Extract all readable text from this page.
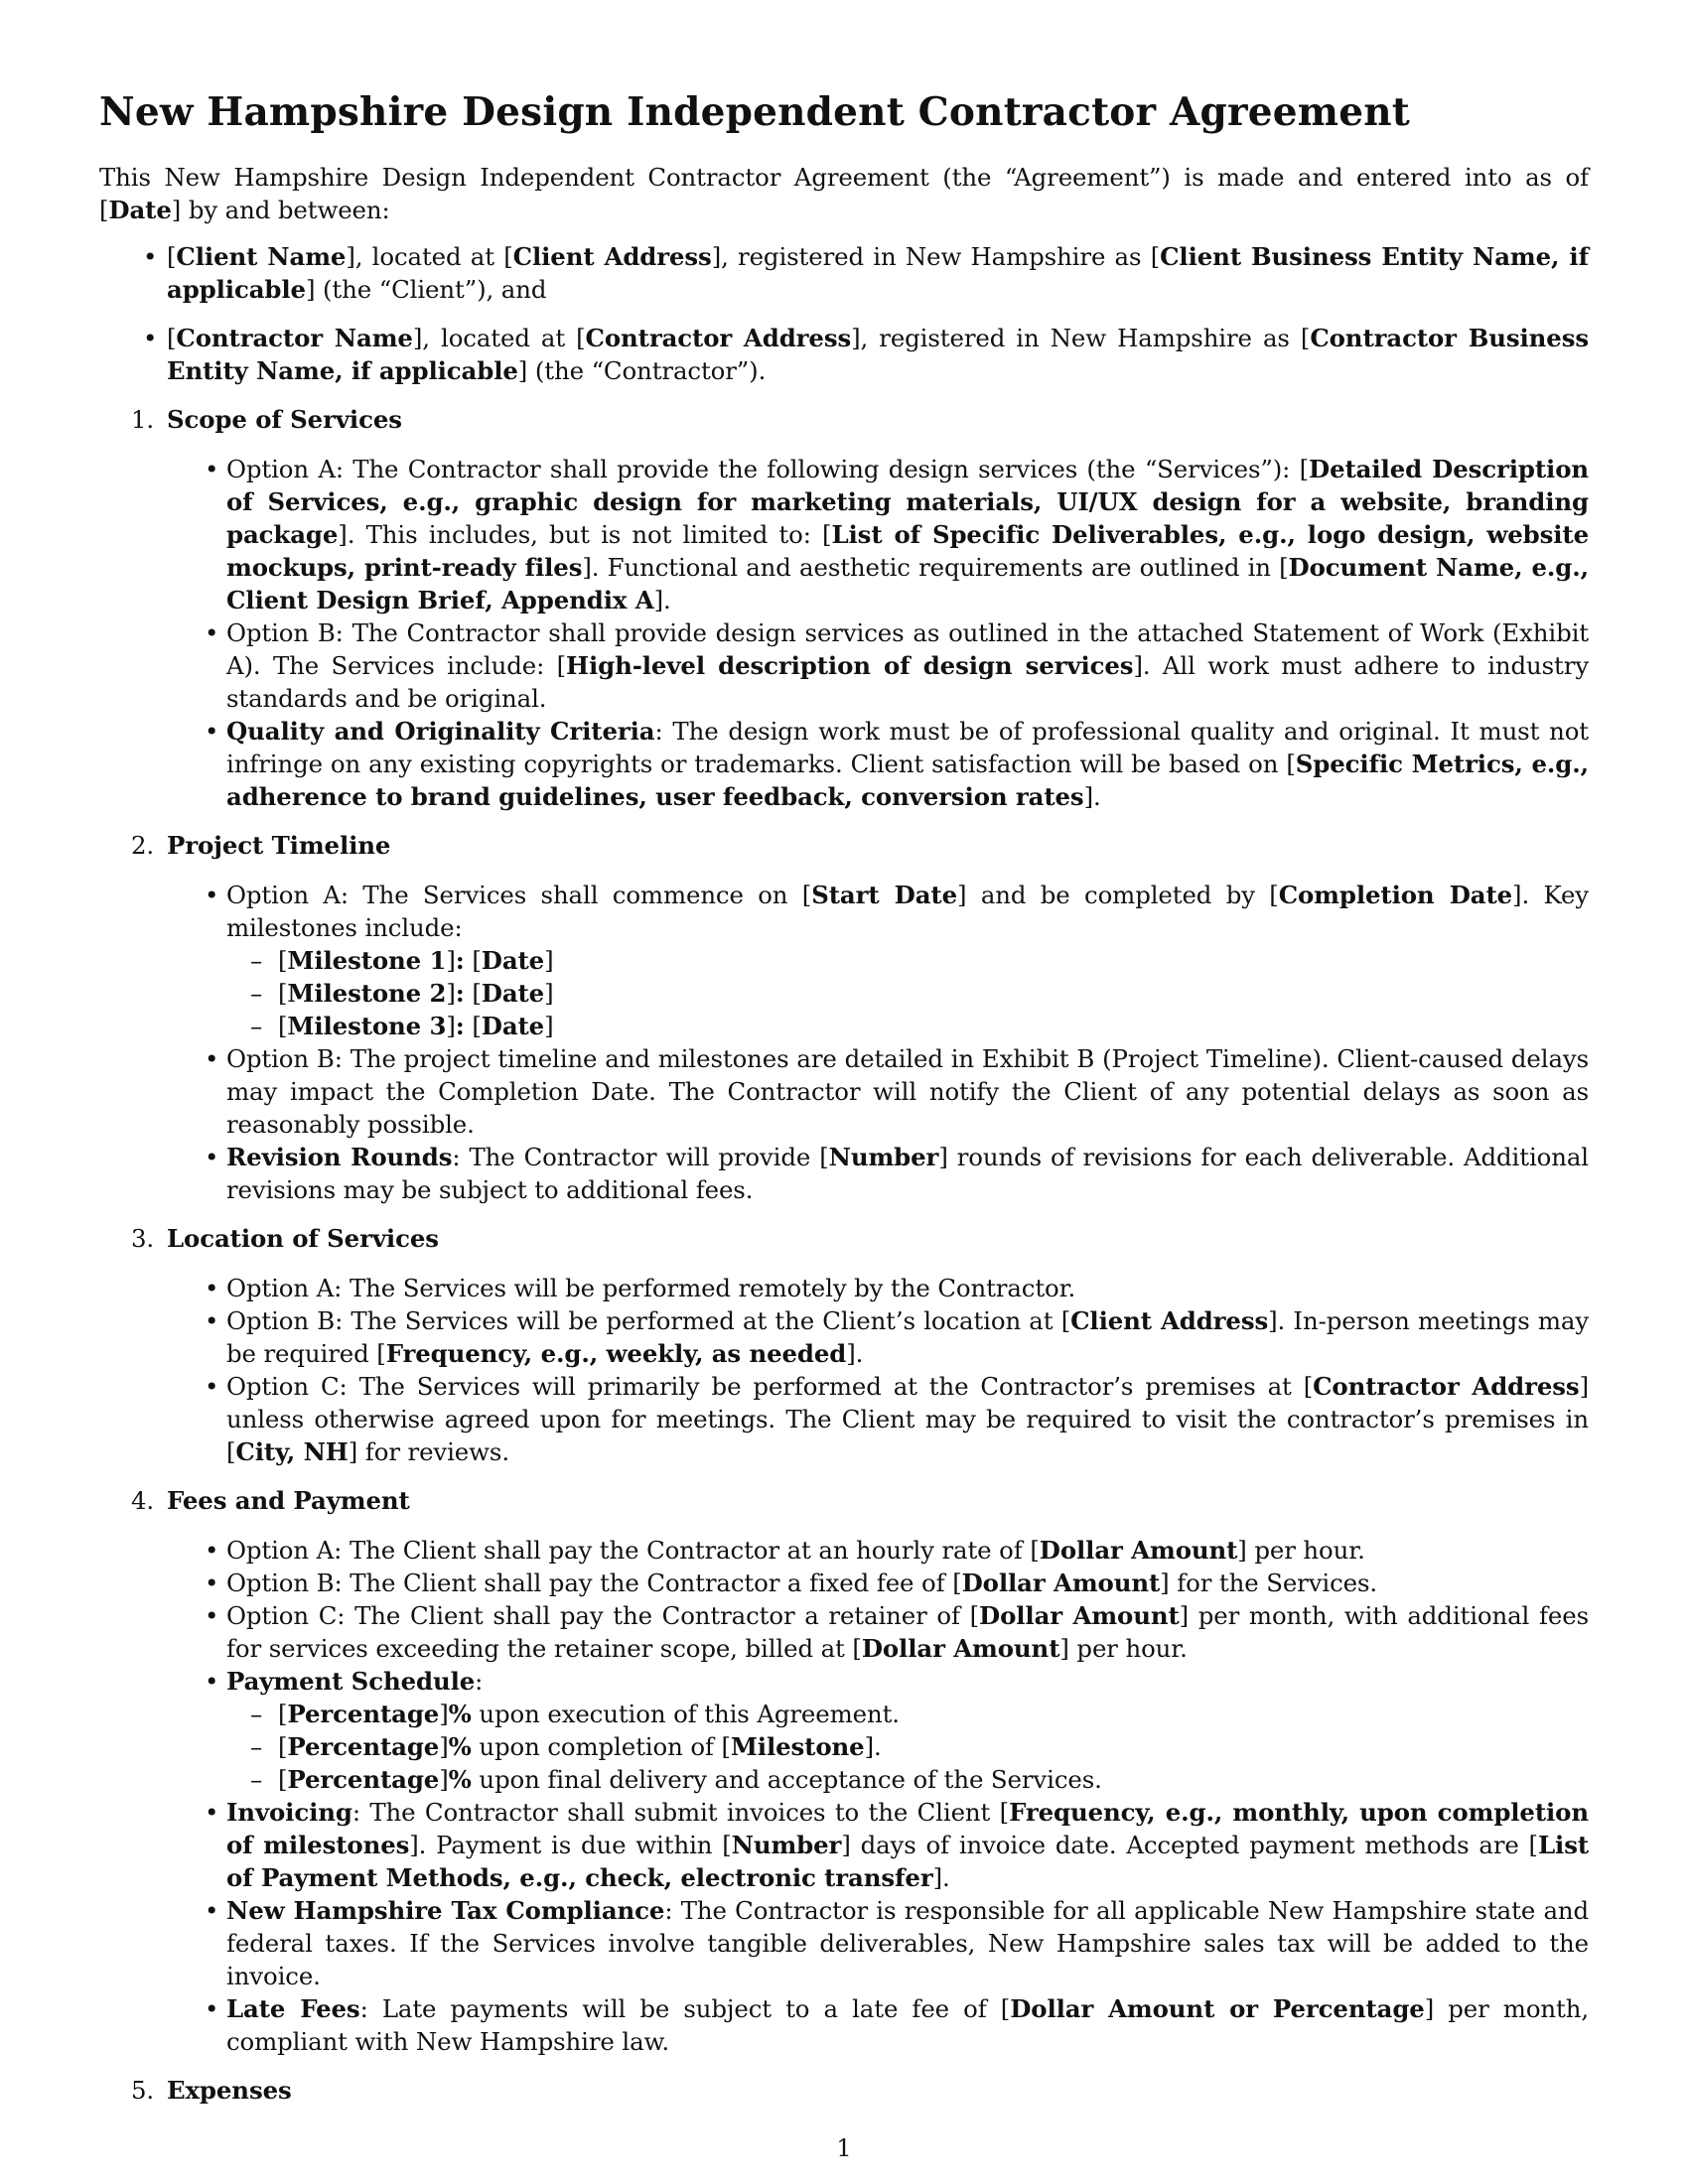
New Hampshire Design Independent Contractor Agreement

This New Hampshire Design Independent Contractor Agreement (the “Agreement”) is made and entered into as of [Date] by and between:

• [Client Name], located at [Client Address], registered in New Hampshire as [Client Business Entity Name, if applicable] (the “Client”), and
• [Contractor Name], located at [Contractor Address], registered in New Hampshire as [Contractor Business Entity Name, if applicable] (the “Contractor”).
1. Scope of Services
• Option A: The Contractor shall provide the following design services (the “Services”): [Detailed Description of Services, e.g., graphic design for marketing materials, UI/UX design for a website, branding package]. This includes, but is not limited to: [List of Specific Deliverables, e.g., logo design, website mockups, print-ready files]. Functional and aesthetic requirements are outlined in [Document Name, e.g., Client Design Brief, Appendix A].
• Option B: The Contractor shall provide design services as outlined in the attached Statement of Work (Exhibit A). The Services include: [High-level description of design services]. All work must adhere to industry standards and be original.
• Quality and Originality Criteria: The design work must be of professional quality and original. It must not infringe on any existing copyrights or trademarks. Client satisfaction will be based on [Specific Metrics, e.g., adherence to brand guidelines, user feedback, conversion rates].
2. Project Timeline
• Option A: The Services shall commence on [Start Date] and be completed by [Completion Date]. Key milestones include:
– [Milestone 1]: [Date]
– [Milestone 2]: [Date]
– [Milestone 3]: [Date]
• Option B: The project timeline and milestones are detailed in Exhibit B (Project Timeline). Client-caused delays may impact the Completion Date. The Contractor will notify the Client of any potential delays as soon as reasonably possible.
• Revision Rounds: The Contractor will provide [Number] rounds of revisions for each deliverable. Additional revisions may be subject to additional fees.
3. Location of Services
• Option A: The Services will be performed remotely by the Contractor.
• Option B: The Services will be performed at the Client’s location at [Client Address]. In-person meetings may be required [Frequency, e.g., weekly, as needed].
• Option C: The Services will primarily be performed at the Contractor’s premises at [Contractor Address] unless otherwise agreed upon for meetings. The Client may be required to visit the contractor’s premises in [City, NH] for reviews.
4. Fees and Payment
• Option A: The Client shall pay the Contractor at an hourly rate of [Dollar Amount] per hour.
• Option B: The Client shall pay the Contractor a fixed fee of [Dollar Amount] for the Services.
• Option C: The Client shall pay the Contractor a retainer of [Dollar Amount] per month, with additional fees for services exceeding the retainer scope, billed at [Dollar Amount] per hour.
• Payment Schedule:
– [Percentage]% upon execution of this Agreement.
– [Percentage]% upon completion of [Milestone].
– [Percentage]% upon final delivery and acceptance of the Services.
• Invoicing: The Contractor shall submit invoices to the Client [Frequency, e.g., monthly, upon completion of milestones]. Payment is due within [Number] days of invoice date. Accepted payment methods are [List of Payment Methods, e.g., check, electronic transfer].
• New Hampshire Tax Compliance: The Contractor is responsible for all applicable New Hampshire state and federal taxes. If the Services involve tangible deliverables, New Hampshire sales tax will be added to the invoice.
• Late Fees: Late payments will be subject to a late fee of [Dollar Amount or Percentage] per month, compliant with New Hampshire law.
5. Expenses
1
